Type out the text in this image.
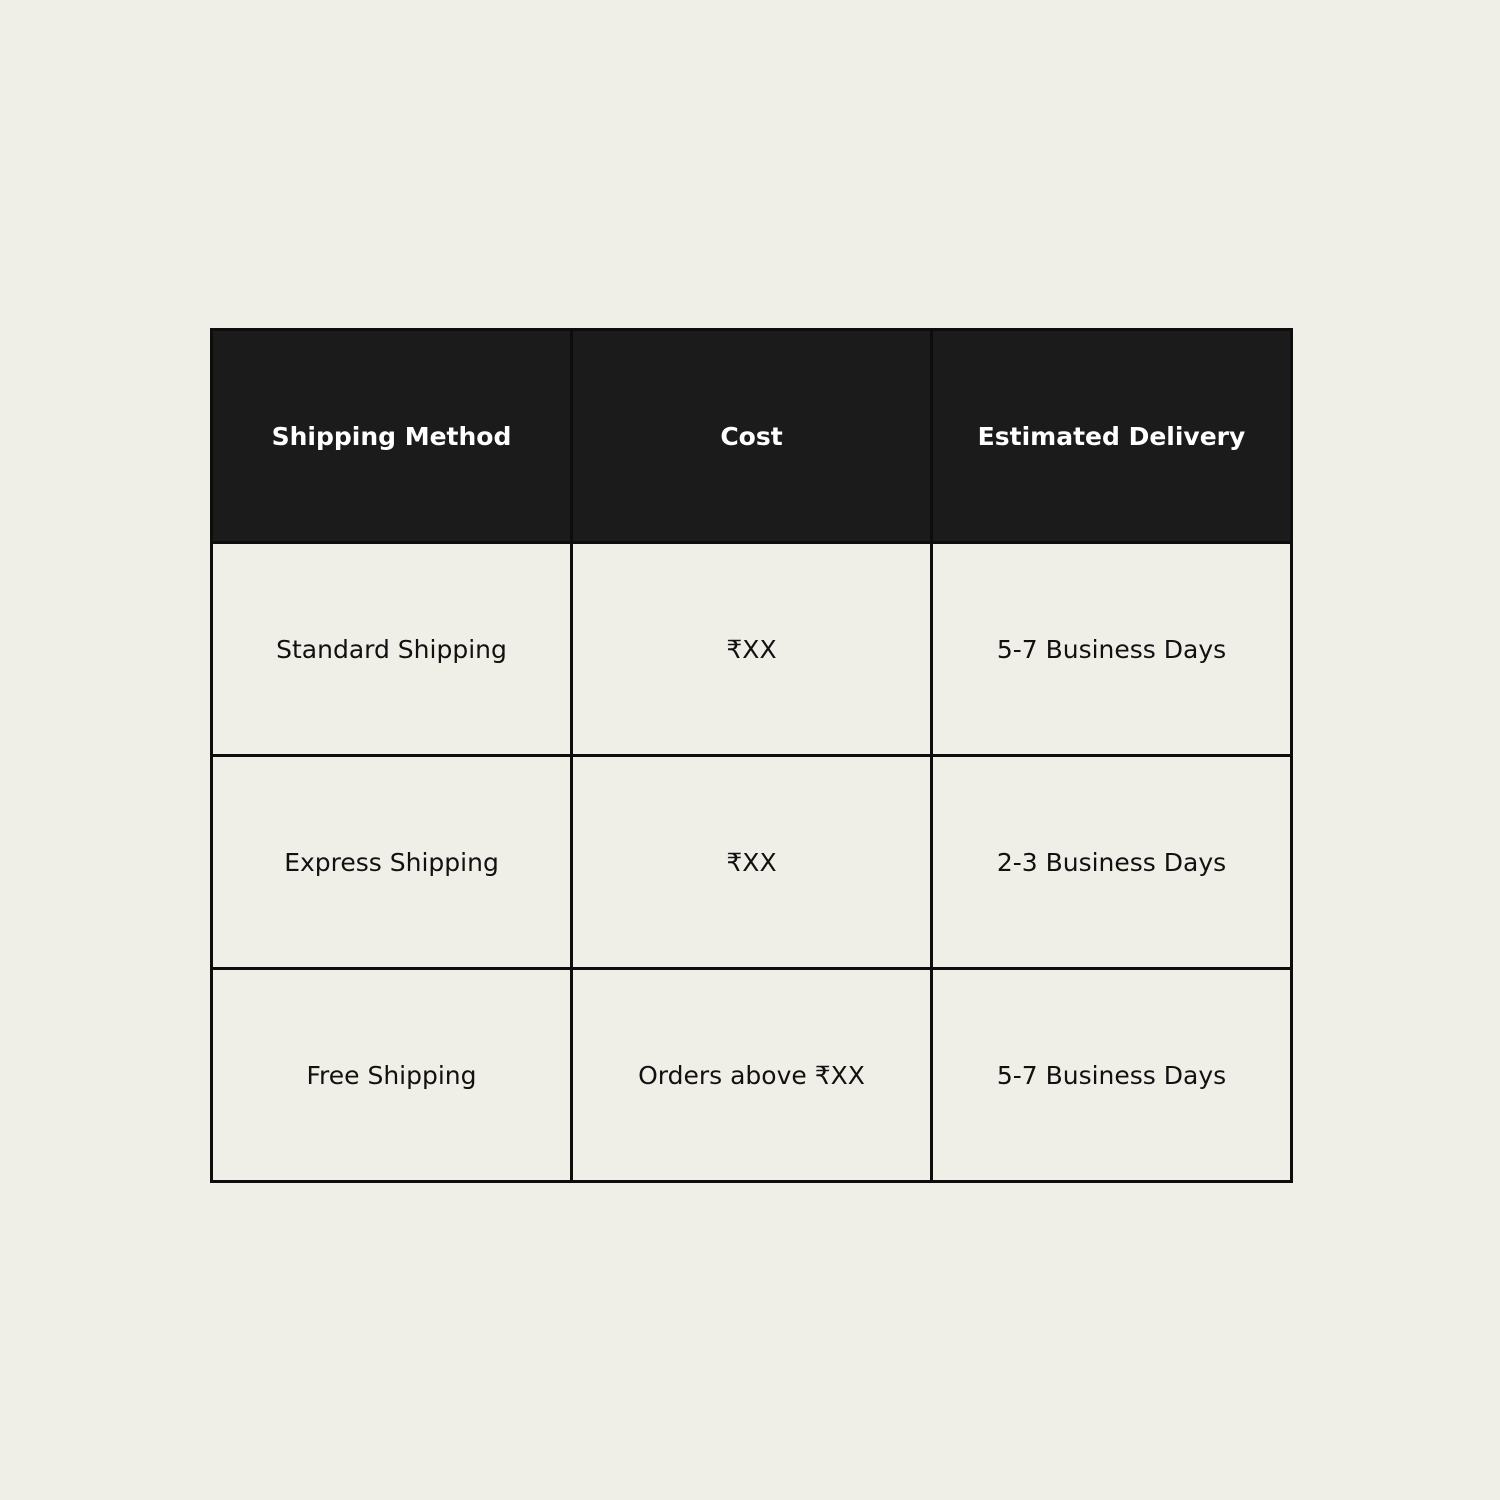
Shipping Method	Cost	Estimated Delivery
Standard Shipping	₹XX	5-7 Business Days
Express Shipping	₹XX	2-3 Business Days
Free Shipping	Orders above ₹XX	5-7 Business Days
